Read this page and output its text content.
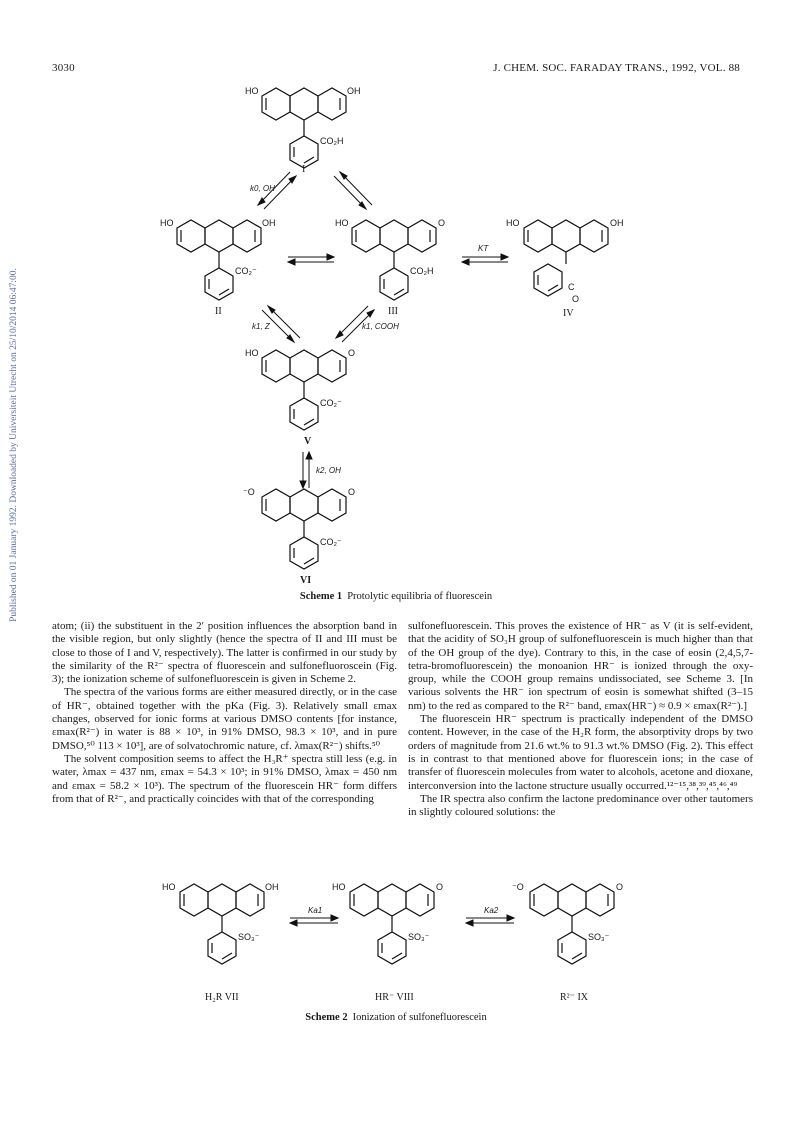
3030	J. CHEM. SOC. FARADAY TRANS., 1992, VOL. 88
Published on 01 January 1992. Downloaded by Universiteit Utrecht on 25/10/2014 06:47:00.
HO	OH
CO₂H
I
HO	OH
CO₂⁻
II
HO	O
CO₂H
III
HO	OH
C
O
IV
HO	O
CO₂⁻
V
⁻O	O
CO₂⁻
VI
k0, OH
KT
k1, Z	k1, COOH
k2, OH
Scheme 1 Protolytic equilibria of fluorescein

atom; (ii) the substituent in the 2′ position influences the absorption band in the visible region, but only slightly (hence the spectra of II and III must be close to those of I and V, respectively). The latter is confirmed in our study by the similarity of the R²⁻ spectra of fluorescein and sulfonefluoroscein (Fig. 3); the ionization scheme of sulfonefluorescein is given in Scheme 2.

The spectra of the various forms are either measured directly, or in the case of HR⁻, obtained together with the pKa (Fig. 3). Relatively small εmax changes, observed for ionic forms at various DMSO contents [for instance, εmax(R²⁻) in water is 88 × 10³, in 91% DMSO, 98.3 × 10³, and in pure DMSO,⁵⁰ 113 × 10³], are of solvatochromic nature, cf. λmax(R²⁻) shifts.⁵⁰

The solvent composition seems to affect the H₃R⁺ spectra still less (e.g. in water, λmax = 437 nm, εmax = 54.3 × 10³; in 91% DMSO, λmax = 450 nm and εmax = 58.2 × 10³). The spectrum of the fluorescein HR⁻ form differs from that of R²⁻, and practically coincides with that of the corresponding

sulfonefluorescein. This proves the existence of HR⁻ as V (it is self-evident, that the acidity of SO₃H group of sulfonefluorescein is much higher than that of the OH group of the dye). Contrary to this, in the case of eosin (2,4,5,7-tetra-bromofluorescein) the monoanion HR⁻ is ionized through the oxy-group, while the COOH group remains undissociated, see Scheme 3. [In various solvents the HR⁻ ion spectrum of eosin is somewhat shifted (3–15 nm) to the red as compared to the R²⁻ band, εmax(HR⁻) ≈ 0.9 × εmax(R²⁻).]

The fluorescein HR⁻ spectrum is practically independent of the DMSO content. However, in the case of the H₂R form, the absorptivity drops by two orders of magnitude from 21.6 wt.% to 91.3 wt.% DMSO (Fig. 2). This effect is in contrast to that mentioned above for fluorescein ions; in the case of transfer of fluorescein molecules from water to alcohols, acetone and dioxane, interconversion into the lactone structure usually occurred.¹²⁻¹⁵,³⁸,³⁹,⁴⁵,⁴⁶,⁴⁹

The IR spectra also confirm the lactone predominance over other tautomers in slightly coloured solutions: the

HO	OH
SO₃⁻
HO	O
SO₃⁻
⁻O	O
SO₃⁻
Ka1	Ka2
H₂R VII	HR⁻ VIII	R²⁻ IX
Scheme 2 Ionization of sulfonefluorescein
